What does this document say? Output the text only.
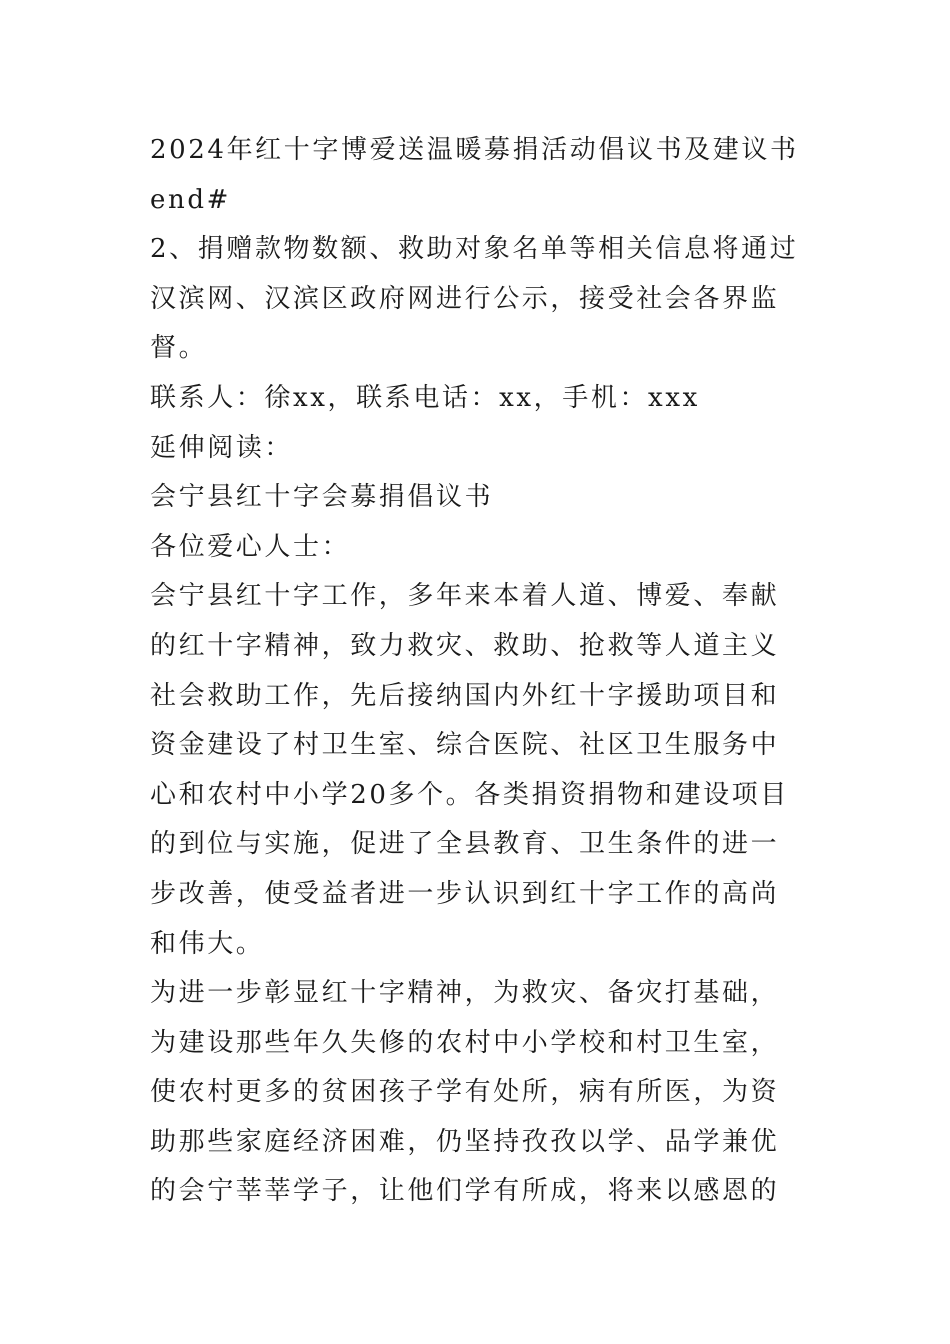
2024年红十字博爱送温暖募捐活动倡议书及建议书end#

2、捐赠款物数额、救助对象名单等相关信息将通过汉滨网、汉滨区政府网进行公示，接受社会各界监督。

联系人：徐xx，联系电话：xx，手机：xxx

延伸阅读：

会宁县红十字会募捐倡议书

各位爱心人士：

会宁县红十字工作，多年来本着人道、博爱、奉献的红十字精神，致力救灾、救助、抢救等人道主义社会救助工作，先后接纳国内外红十字援助项目和资金建设了村卫生室、综合医院、社区卫生服务中心和农村中小学20多个。各类捐资捐物和建设项目的到位与实施，促进了全县教育、卫生条件的进一步改善，使受益者进一步认识到红十字工作的高尚和伟大。

为进一步彰显红十字精神，为救灾、备灾打基础，为建设那些年久失修的农村中小学校和村卫生室，使农村更多的贫困孩子学有处所，病有所医，为资助那些家庭经济困难，仍坚持孜孜以学、品学兼优的会宁莘莘学子，让他们学有所成，将来以感恩的
